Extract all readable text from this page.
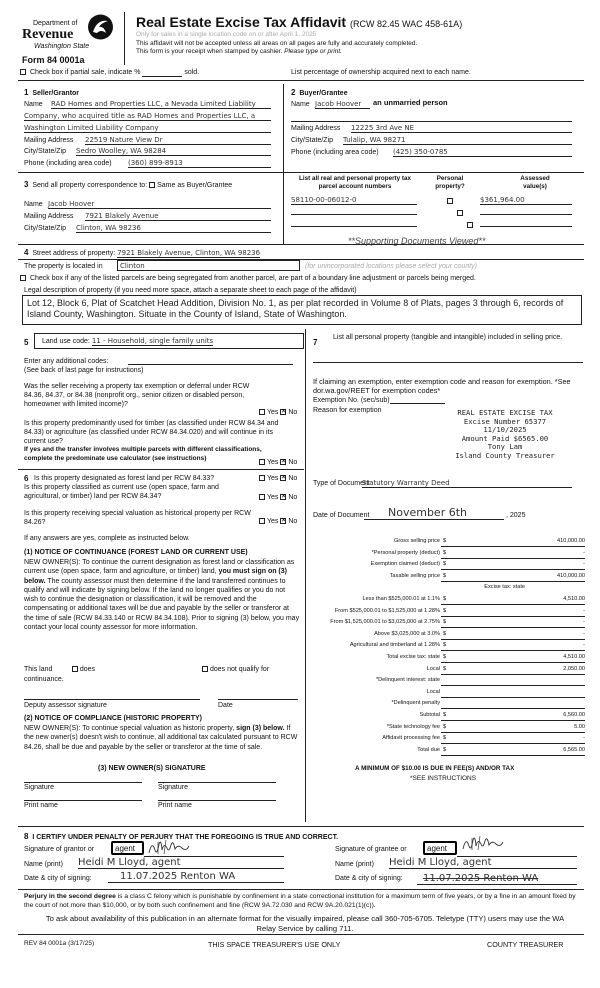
Department of
Revenue
Washington State
Form 84 0001a
Real Estate Excise Tax Affidavit (RCW 82.45 WAC 458-61A)
Only for sales in a single location code on or after April 1, 2025
This affidavit will not be accepted unless all areas on all pages are fully and accurately completed.
This form is your receipt when stamped by cashier. Please type or print.
Check box if partial sale, indicate %	sold.	List percentage of ownership acquired next to each name.
1 Seller/Grantor
Name RAD Homes and Properties LLC, a Nevada Limited Liability
Company, who acquired title as RAD Homes and Properties LLC, a
Washington Limited Liability Company
Mailing Address 22519 Nature View Dr
City/State/Zip Sedro Woolley, WA 98284
Phone (including area code) (360) 899-8913
2 Buyer/Grantee
Name Jacob Hoover	an unmarried person
Mailing Address 12225 3rd Ave NE
City/State/Zip Tulalip, WA 98271
Phone (including area code) (425) 350-0785
3 Send all property correspondence to: Same as Buyer/Grantee
Name Jacob Hoover
Mailing Address 7921 Blakely Avenue
City/State/Zip Clinton, WA 98236
List all real and personal property tax
parcel account numbers
Personal
property?
Assessed
value(s)
S8110-00-06012-0
	$361,964.00

**Supporting Documents Viewed**
4 Street address of property: 7921 Blakely Avenue, Clinton, WA 98236
The property is located in	Clinton	(for unincorporated locations please select your county)
Check box if any of the listed parcels are being segregated from another parcel, are part of a boundary line adjustment or parcels being merged.
Legal description of property (if you need more space, attach a separate sheet to each page of the affidavit)
Lot 12, Block 6, Plat of Scatchet Head Addition, Division No. 1, as per plat recorded in Volume 8 of Plats, pages 3 through 6, records of Island County, Washington. Situate in the County of Island, State of Washington.
5 Land use code: 11 - Household, single family units	7
List all personal property (tangible and intangible) included in selling price.
Enter any additional codes:

(See back of last page for instructions)
Was the seller receiving a property tax exemption or deferral under RCW 84.36, 84.37, or 84.38 (nonprofit org., senior citizen or disabled person, homeowner with limited income)?
Yes ✕ No
Is this property predominantly used for timber (as classified under RCW 84.34 and 84.33) or agriculture (as classified under RCW 84.34.020) and will continue in its current use?
If yes and the transfer involves multiple parcels with different classifications, complete the predominate use calculator (see instructions)
Yes ✕ No
6 Is this property designated as forest land per RCW 84.33?	Yes ✕ No
Is this property classified as current use (open space, farm and agricultural, or timber) land per RCW 84.34?	Yes ✕ No
Is this property receiving special valuation as historical property per RCW 84.26?	Yes ✕ No
If any answers are yes, complete as instructed below.
(1) NOTICE OF CONTINUANCE (FOREST LAND OR CURRENT USE)
NEW OWNER(S): To continue the current designation as forest land or classification as current use (open space, farm and agriculture, or timber) land, you must sign on (3) below. The county assessor must then determine if the land transferred continues to qualify and will indicate by signing below. If the land no longer qualifies or you do not wish to continue the designation or classification, it will be removed and the compensating or additional taxes will be due and payable by the seller or transferor at the time of sale (RCW 84.33.140 or RCW 84.34.108). Prior to signing (3) below, you may contact your local county assessor for more information.
This land	does	does not qualify for
continuance.
Deputy assessor signature	Date
(2) NOTICE OF COMPLIANCE (HISTORIC PROPERTY)
NEW OWNER(S): To continue special valuation as historic property, sign (3) below. If the new owner(s) doesn't wish to continue, all additional tax calculated pursuant to RCW 84.26, shall be due and payable by the seller or transferor at the time of sale.
(3) NEW OWNER(S) SIGNATURE
Signature	Signature
Print name	Print name
If claiming an exemption, enter exemption code and reason for exemption. *See dor.wa.gov/REET for exemption codes*
Exemption No. (sec/sub)

Reason for exemption	REAL ESTATE EXCISE TAX
Excise Number 65377
11/10/2025
Amount Paid $6565.00
Tony Lam
Island County Treasurer
Type of Document
Statutory Warranty Deed
Date of Document	November 6th	, 2025
Gross selling price $	410,000.00
*Personal property (deduct) $	-
Exemption claimed (deduct) $	-
Taxable selling price $	410,000.00
Excise tax: state
Less than $525,000.01 at 1.1% $	4,510.00
From $525,000.01 to $1,525,000 at 1.28% $	-
From $1,525,000.01 to $3,025,000 at 2.75% $	-
Above $3,025,000 at 3.0% $	-
Agricultural and timberland at 1.28% $	-
Total excise tax: state $	4,510.00
Local $	2,050.00
*Delinquent interest: state
Local
*Delinquent penalty
Subtotal $	6,560.00
*State technology fee $	5.00
Affidavit processing fee $	-
Total due $	6,565.00
A MINIMUM OF $10.00 IS DUE IN FEE(S) AND/OR TAX
*SEE INSTRUCTIONS
8 I CERTIFY UNDER PENALTY OF PERJURY THAT THE FOREGOING IS TRUE AND CORRECT.
Signature of grantor or	agent
Name (print) Heidi M Lloyd, agent
Date & city of signing:	11.07.2025 Renton WA
Signature of grantee or	agent
Name (print) Heidi M Lloyd, agent
Date & city of signing:	11.07.2025 Renton WA
Perjury in the second degree is a class C felony which is punishable by confinement in a state correctional institution for a maximum term of five years, or by a fine in an amount fixed by the court of not more than $10,000, or by both such confinement and fine (RCW 9A.72.030 and RCW 9A.20.021(1)(c)).
To ask about availability of this publication in an alternate format for the visually impaired, please call 360-705-6705. Teletype (TTY) users may use the WA Relay Service by calling 711.
REV 84 0001a (3/17/25)	THIS SPACE TREASURER'S USE ONLY	COUNTY TREASURER
